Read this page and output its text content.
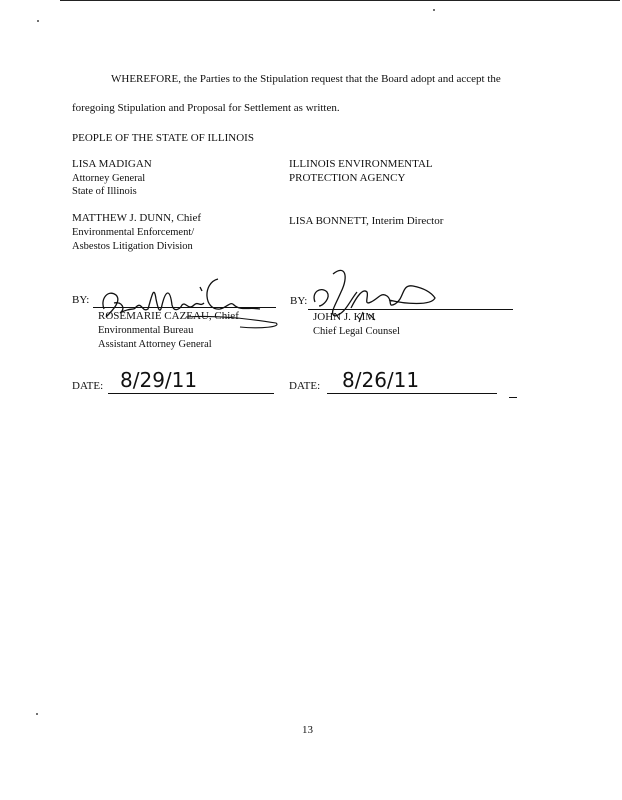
WHEREFORE, the Parties to the Stipulation request that the Board adopt and accept the
foregoing Stipulation and Proposal for Settlement as written.
PEOPLE OF THE STATE OF ILLINOIS
LISA MADIGAN
Attorney General
State of Illinois
ILLINOIS ENVIRONMENTAL
PROTECTION AGENCY
MATTHEW J. DUNN, Chief
Environmental Enforcement/
Asbestos Litigation Division
LISA BONNETT, Interim Director
BY:
ROSEMARIE CAZEAU, Chief
Environmental Bureau
Assistant Attorney General
BY:
JOHN J. KIM
Chief Legal Counsel
DATE: 8/29/11	DATE: 8/26/11
13
